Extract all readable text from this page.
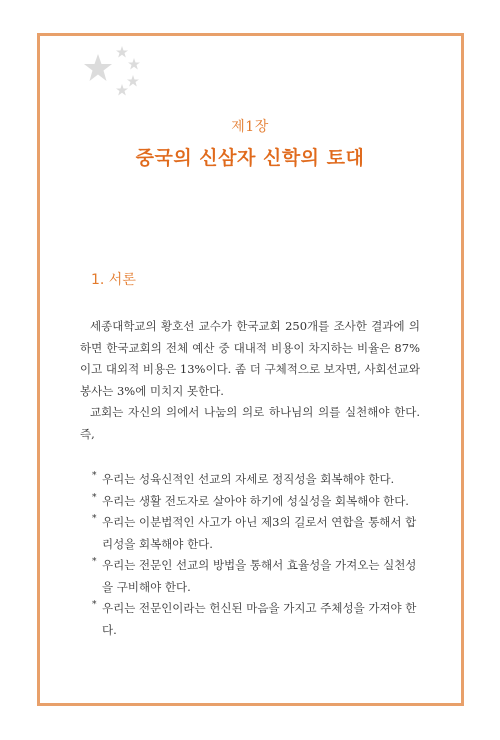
제1장
중국의 신삼자 신학의 토대
1. 서론

세종대학교의 황호선 교수가 한국교회 250개를 조사한 결과에 의하면 한국교회의 전체 예산 중 대내적 비용이 차지하는 비율은 87%이고 대외적 비용은 13%이다. 좀 더 구체적으로 보자면, 사회선교와 봉사는 3%에 미치지 못한다.

교회는 자신의 의에서 나눔의 의로 하나님의 의를 실천해야 한다. 즉,

* 우리는 성육신적인 선교의 자세로 정직성을 회복해야 한다.
* 우리는 생활 전도자로 살아야 하기에 성실성을 회복해야 한다.
* 우리는 이분법적인 사고가 아닌 제3의 길로서 연합을 통해서 합리성을 회복해야 한다.
* 우리는 전문인 선교의 방법을 통해서 효율성을 가져오는 실천성을 구비해야 한다.
* 우리는 전문인이라는 헌신된 마음을 가지고 주체성을 가져야 한다.
